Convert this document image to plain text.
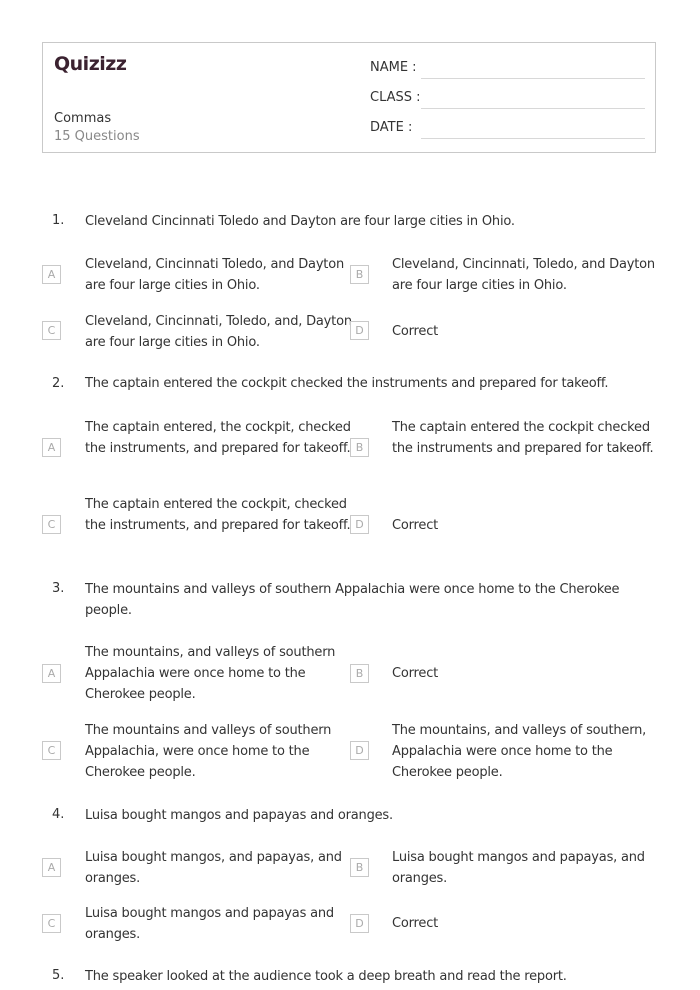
Quizizz
Commas
15 Questions
NAME :
CLASS :
DATE :
1. Cleveland Cincinnati Toledo and Dayton are four large cities in Ohio.
A
Cleveland, Cincinnati Toledo, and Dayton are four large cities in Ohio.
B
Cleveland, Cincinnati, Toledo, and Dayton are four large cities in Ohio.
C
Cleveland, Cincinnati, Toledo, and, Dayton are four large cities in Ohio.
D	Correct
2. The captain entered the cockpit checked the instruments and prepared for takeoff.
A
The captain entered, the cockpit, checked the instruments, and prepared for takeoff. B
The captain entered the cockpit checked the instruments and prepared for takeoff.
C
The captain entered the cockpit, checked the instruments, and prepared for takeoff. D	Correct
3. The mountains and valleys of southern Appalachia were once home to the Cherokee people.
A
The mountains, and valleys of southern Appalachia were once home to the Cherokee people.
B	Correct
C
The mountains and valleys of southern Appalachia, were once home to the Cherokee people.
D
The mountains, and valleys of southern, Appalachia were once home to the Cherokee people.
4. Luisa bought mangos and papayas and oranges.
A
Luisa bought mangos, and papayas, and oranges.
B
Luisa bought mangos and papayas, and oranges.
C
Luisa bought mangos and papayas and oranges.
D	Correct
5. The speaker looked at the audience took a deep breath and read the report.
